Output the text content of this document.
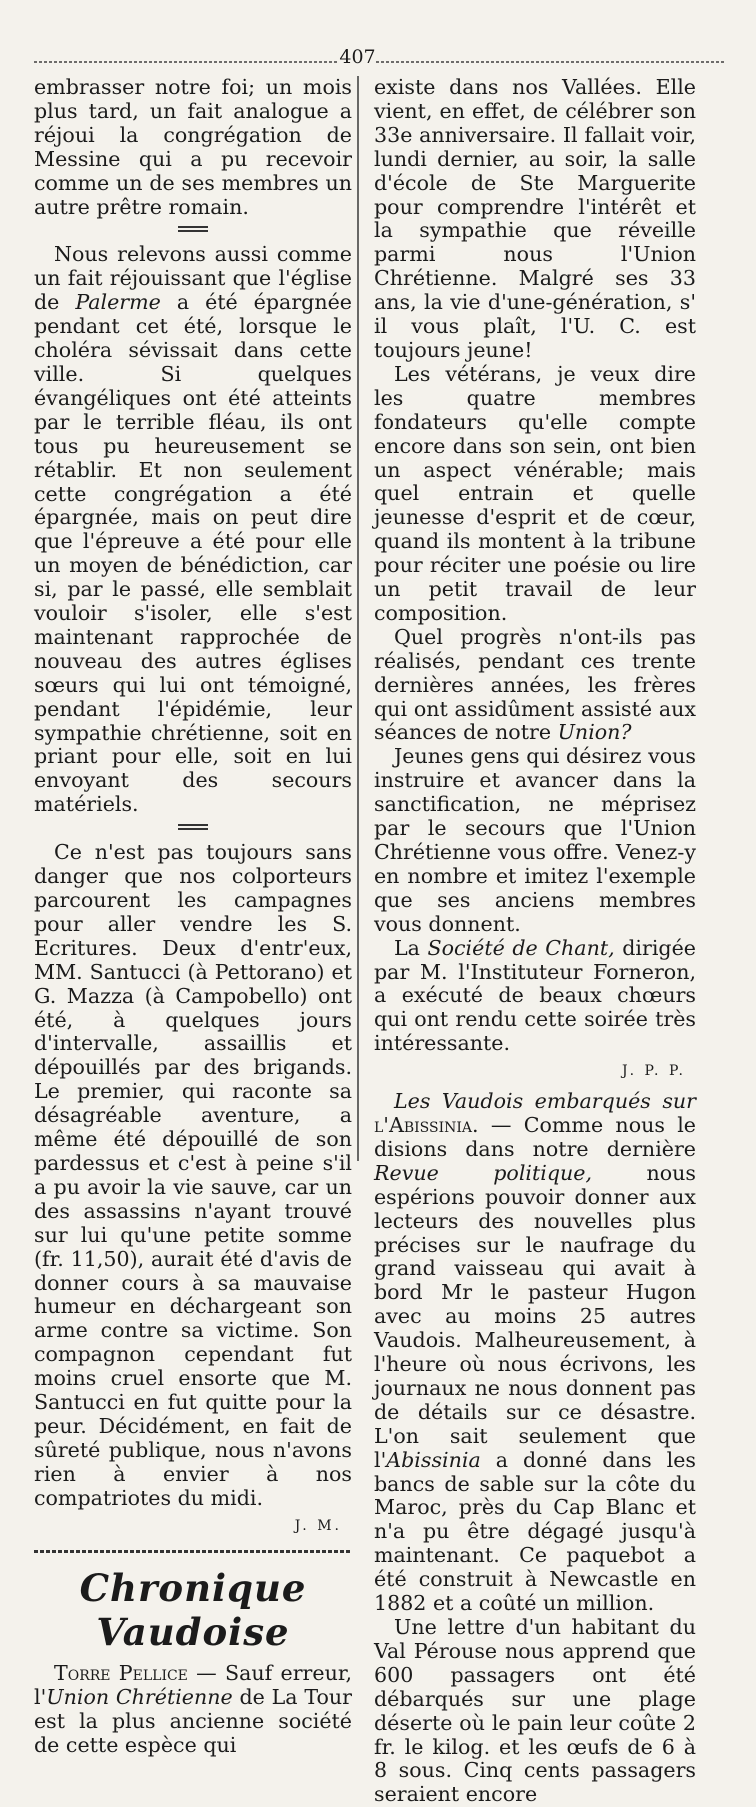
407

embrasser notre foi; un mois plus tard, un fait analogue a réjoui la congrégation de Messine qui a pu recevoir comme un de ses membres un autre prêtre romain.

Nous relevons aussi comme un fait réjouissant que l'église de Palerme a été épargnée pendant cet été, lorsque le choléra sévissait dans cette ville. Si quelques évangéliques ont été atteints par le terrible fléau, ils ont tous pu heureusement se rétablir. Et non seulement cette congrégation a été épargnée, mais on peut dire que l'épreuve a été pour elle un moyen de bénédiction, car si, par le passé, elle semblait vouloir s'isoler, elle s'est maintenant rapprochée de nouveau des autres églises sœurs qui lui ont témoigné, pendant l'épidémie, leur sympathie chrétienne, soit en priant pour elle, soit en lui envoyant des secours matériels.

Ce n'est pas toujours sans danger que nos colporteurs parcourent les campagnes pour aller vendre les S. Ecritures. Deux d'entr'eux, MM. Santucci (à Pettorano) et G. Mazza (à Campobello) ont été, à quelques jours d'intervalle, assaillis et dépouillés par des brigands. Le premier, qui raconte sa désagréable aventure, a même été dépouillé de son pardessus et c'est à peine s'il a pu avoir la vie sauve, car un des assassins n'ayant trouvé sur lui qu'une petite somme (fr. 11,50), aurait été d'avis de donner cours à sa mauvaise humeur en déchargeant son arme contre sa victime. Son compagnon cependant fut moins cruel ensorte que M. Santucci en fut quitte pour la peur. Décidément, en fait de sûreté publique, nous n'avons rien à envier à nos compatriotes du midi.

J. M.
Chronique Vaudoise

Torre Pellice — Sauf erreur, l'Union Chrétienne de La Tour est la plus ancienne société de cette espèce qui

existe dans nos Vallées. Elle vient, en effet, de célébrer son 33e anniversaire. Il fallait voir, lundi dernier, au soir, la salle d'école de Ste Marguerite pour comprendre l'intérêt et la sympathie que réveille parmi nous l'Union Chrétienne. Malgré ses 33 ans, la vie d'une-génération, s' il vous plaît, l'U. C. est toujours jeune!

Les vétérans, je veux dire les quatre membres fondateurs qu'elle compte encore dans son sein, ont bien un aspect vénérable; mais quel entrain et quelle jeunesse d'esprit et de cœur, quand ils montent à la tribune pour réciter une poésie ou lire un petit travail de leur composition.

Quel progrès n'ont-ils pas réalisés, pendant ces trente dernières années, les frères qui ont assidûment assisté aux séances de notre Union?

Jeunes gens qui désirez vous instruire et avancer dans la sanctification, ne méprisez par le secours que l'Union Chrétienne vous offre. Venez-y en nombre et imitez l'exemple que ses anciens membres vous donnent.

La Société de Chant, dirigée par M. l'Instituteur Forneron, a exécuté de beaux chœurs qui ont rendu cette soirée très intéressante.

J. P. P.

Les Vaudois embarqués sur l'Abissinia. — Comme nous le disions dans notre dernière Revue politique, nous espérions pouvoir donner aux lecteurs des nouvelles plus précises sur le naufrage du grand vaisseau qui avait à bord Mr le pasteur Hugon avec au moins 25 autres Vaudois. Malheureusement, à l'heure où nous écrivons, les journaux ne nous donnent pas de détails sur ce désastre. L'on sait seulement que l'Abissinia a donné dans les bancs de sable sur la côte du Maroc, près du Cap Blanc et n'a pu être dégagé jusqu'à maintenant. Ce paquebot a été construit à Newcastle en 1882 et a coûté un million.

Une lettre d'un habitant du Val Pérouse nous apprend que 600 passagers ont été débarqués sur une plage déserte où le pain leur coûte 2 fr. le kilog. et les œufs de 6 à 8 sous. Cinq cents passagers seraient encore
